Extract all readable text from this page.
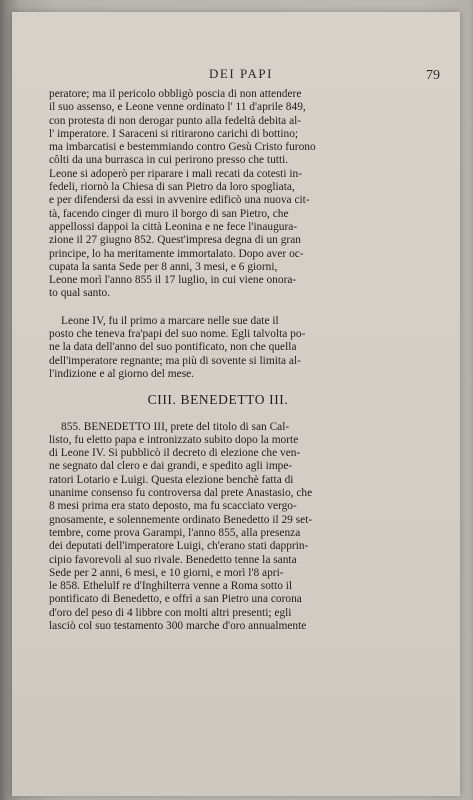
DEI PAPI	79
peratore; ma il pericolo obbligò poscia di non attendere
il suo assenso, e Leone venne ordinato l' 11 d'aprile 849,
con protesta di non derogar punto alla fedeltà debita al-
l' imperatore. I Saraceni si ritirarono carichi di bottino;
ma imbarcatisi e bestemmiando contro Gesù Cristo furono
côlti da una burrasca in cui perirono presso che tutti.
Leone si adoperò per riparare i mali recati da cotesti in-
fedeli, riornò la Chiesa di san Pietro da loro spogliata,
e per difendersi da essi in avvenire edificò una nuova cit-
tà, facendo cinger di muro il borgo di san Pietro, che
appellossi dappoi la città Leonina e ne fece l'inaugura-
zione il 27 giugno 852. Quest'impresa degna di un gran
principe, lo ha meritamente immortalato. Dopo aver oc-
cupata la santa Sede per 8 anni, 3 mesi, e 6 giorni,
Leone morì l'anno 855 il 17 luglio, in cui viene onora-
to qual santo.
Leone IV, fu il primo a marcare nelle sue date il
posto che teneva fra'papi del suo nome. Egli talvolta po-
ne la data dell'anno del suo pontificato, non che quella
dell'imperatore regnante; ma più di sovente si limita al-
l'indizione e al giorno del mese.
CIII. BENEDETTO III.
855. BENEDETTO III, prete del titolo di san Cal-
listo, fu eletto papa e intronizzato subito dopo la morte
di Leone IV. Si pubblicò il decreto di elezione che ven-
ne segnato dal clero e dai grandi, e spedito agli impe-
ratori Lotario e Luigi. Questa elezione benchè fatta di
unanime consenso fu controversa dal prete Anastasio, che
8 mesi prima era stato deposto, ma fu scacciato vergo-
gnosamente, e solennemente ordinato Benedetto il 29 set-
tembre, come prova Garampi, l'anno 855, alla presenza
dei deputati dell'imperatore Luigi, ch'erano stati dapprin-
cipio favorevoli al suo rivale. Benedetto tenne la santa
Sede per 2 anni, 6 mesi, e 10 giorni, e morì l'8 apri-
le 858. Ethelulf re d'Inghilterra venne a Roma sotto il
pontificato di Benedetto, e offrì a san Pietro una corona
d'oro del peso di 4 libbre con molti altri presenti; egli
lasciò col suo testamento 300 marche d'oro annualmente
